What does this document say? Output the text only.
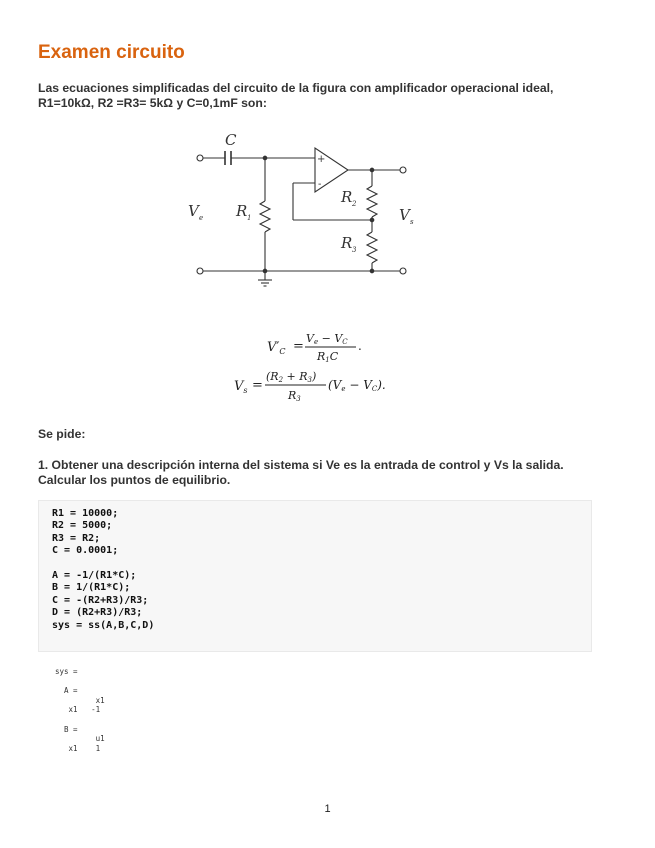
Examen circuito
Las ecuaciones simplificadas del circuito de la figura con amplificador operacional ideal, R1=10kΩ, R2 =R3= 5kΩ y C=0,1mF son:
C
V e R 1
R 2
R 3
V s
+
-
$V'_C$ =
Ve − VC
R1C
.
$V_s$ =
(R2 + R3)
R3
(Ve − VC).
Se pide:
1. Obtener una descripción interna del sistema si Ve es la entrada de control y Vs la salida. Calcular los puntos de equilibrio.
R1 = 10000;
R2 = 5000;
R3 = R2;
C = 0.0001;
A = -1/(R1*C);
B = 1/(R1*C);
C = -(R2+R3)/R3;
D = (R2+R3)/R3;
sys = ss(A,B,C,D)
sys =
A =
x1
x1   -1
B =
u1
x1    1
1
